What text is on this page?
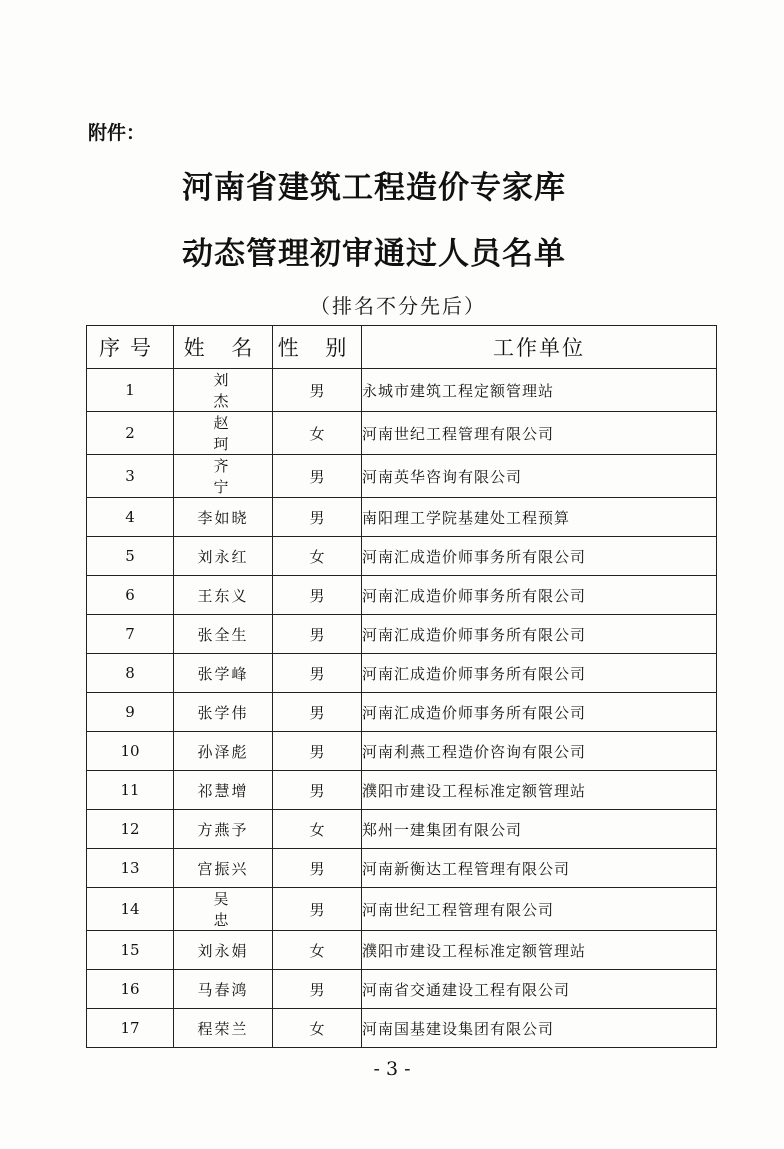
附件：
河南省建筑工程造价专家库
动态管理初审通过人员名单
（排名不分先后）
序号	姓 名	性 别	工作单位
1	刘 杰	男	永城市建筑工程定额管理站
2	赵 珂	女	河南世纪工程管理有限公司
3	齐 宁	男	河南英华咨询有限公司
4	李如晓	男	南阳理工学院基建处工程预算
5	刘永红	女	河南汇成造价师事务所有限公司
6	王东义	男	河南汇成造价师事务所有限公司
7	张全生	男	河南汇成造价师事务所有限公司
8	张学峰	男	河南汇成造价师事务所有限公司
9	张学伟	男	河南汇成造价师事务所有限公司
10	孙泽彪	男	河南利燕工程造价咨询有限公司
11	祁慧增	男	濮阳市建设工程标准定额管理站
12	方燕予	女	郑州一建集团有限公司
13	宫振兴	男	河南新衡达工程管理有限公司
14	吴 忠	男	河南世纪工程管理有限公司
15	刘永娟	女	濮阳市建设工程标准定额管理站
16	马春鸿	男	河南省交通建设工程有限公司
17	程荣兰	女	河南国基建设集团有限公司
- 3 -
